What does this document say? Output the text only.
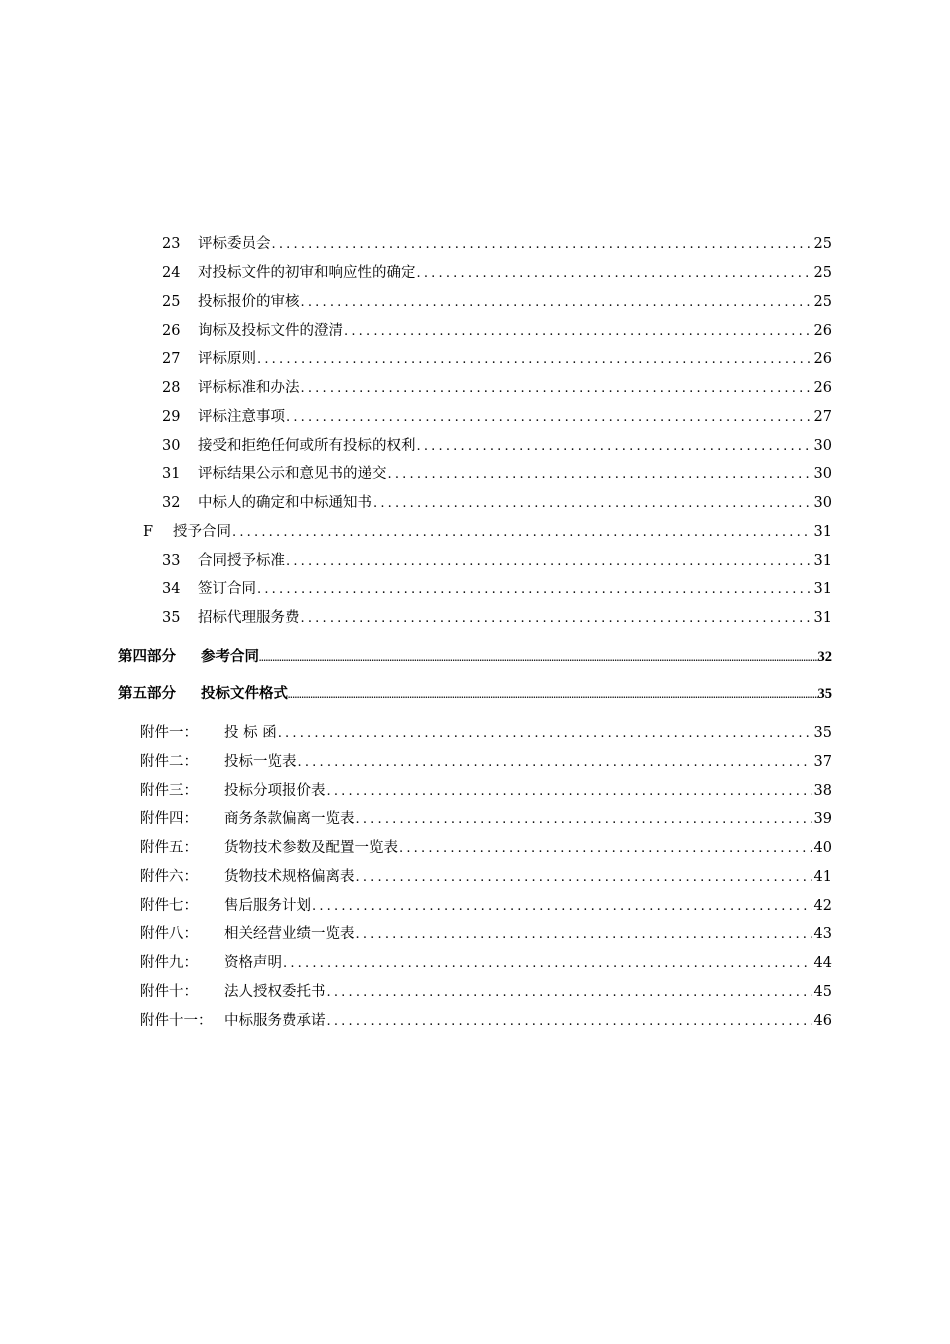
23	评标委员会 .....	25
24	对投标文件的初审和响应性的确定 .....	25
25	投标报价的审核 .....	25
26	询标及投标文件的澄清 .....	26
27	评标原则 .....	26
28	评标标准和办法 .....	26
29	评标注意事项 .....	27
30	接受和拒绝任何或所有投标的权利 .....	30
31	评标结果公示和意见书的递交 .....	30
32	中标人的确定和中标通知书 .....	30
F	授予合同 .....	31
33	合同授予标准 .....	31
34	签订合同 .....	31
35	招标代理服务费 .....	31
第四部分	参考合同 .....	32
第五部分	投标文件格式 .....	35
附件一：	投 标 函 .....	35
附件二：	投标一览表 .....	37
附件三：	投标分项报价表 .....	38
附件四：	商务条款偏离一览表 .....	39
附件五：	货物技术参数及配置一览表 .....	40
附件六：	货物技术规格偏离表 .....	41
附件七：	售后服务计划 .....	42
附件八：	相关经营业绩一览表 .....	43
附件九：	资格声明 .....	44
附件十：	法人授权委托书 .....	45
附件十一： 中标服务费承诺 .....	46
